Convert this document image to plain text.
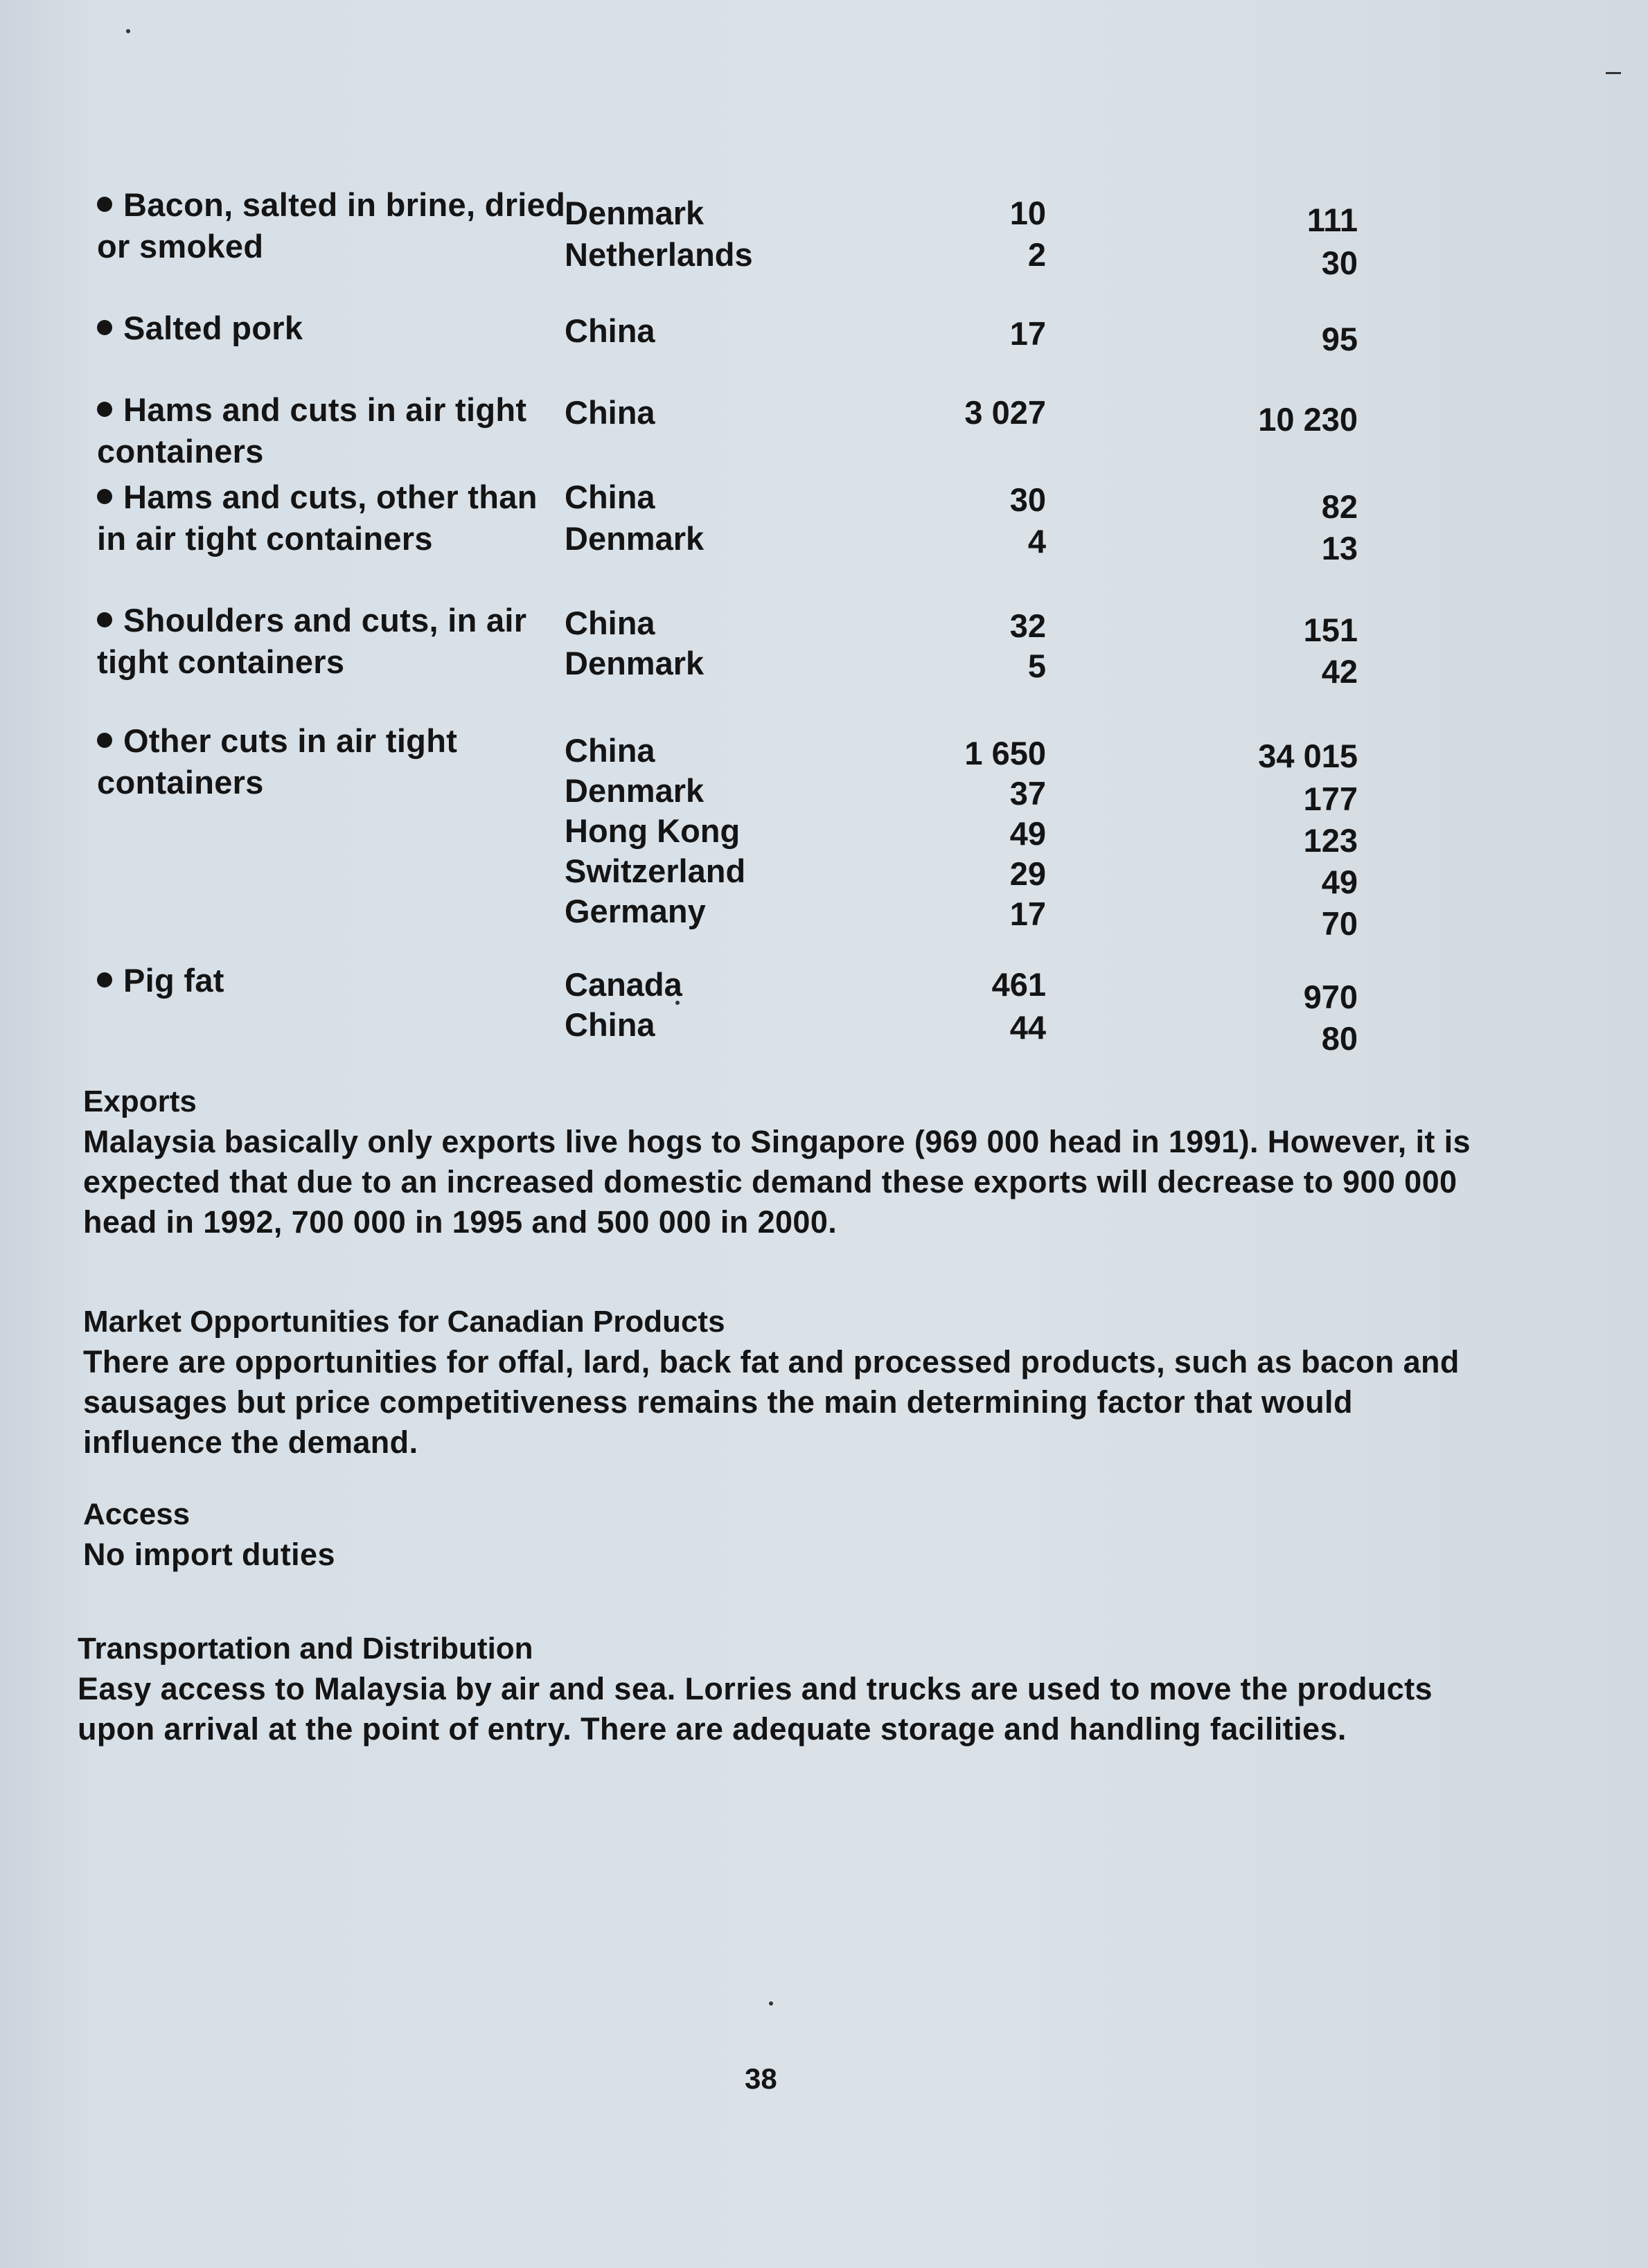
Bacon, salted in brine, dried or smoked
Denmark	10	111
Netherlands	2	30
Salted pork	China	17	95
Hams and cuts in air tight containers
China	3 027	10 230
Hams and cuts, other than in air tight containers
China	30	82
Denmark	4	13
Shoulders and cuts, in air tight containers
China	32	151
Denmark	5	42
Other cuts in air tight containers
China	1 650	34 015
Denmark	37	177
Hong Kong	49	123
Switzerland	29	49
Germany	17	70
Pig fat	Canada	461	970
China	44	80
Exports

Malaysia basically only exports live hogs to Singapore (969 000 head in 1991). However, it is expected that due to an increased domestic demand these exports will decrease to 900 000 head in 1992, 700 000 in 1995 and 500 000 in 2000.

Market Opportunities for Canadian Products

There are opportunities for offal, lard, back fat and processed products, such as bacon and sausages but price competitiveness remains the main determining factor that would influence the demand.

Access

No import duties

Transportation and Distribution

Easy access to Malaysia by air and sea. Lorries and trucks are used to move the products upon arrival at the point of entry. There are adequate storage and handling facilities.

38
